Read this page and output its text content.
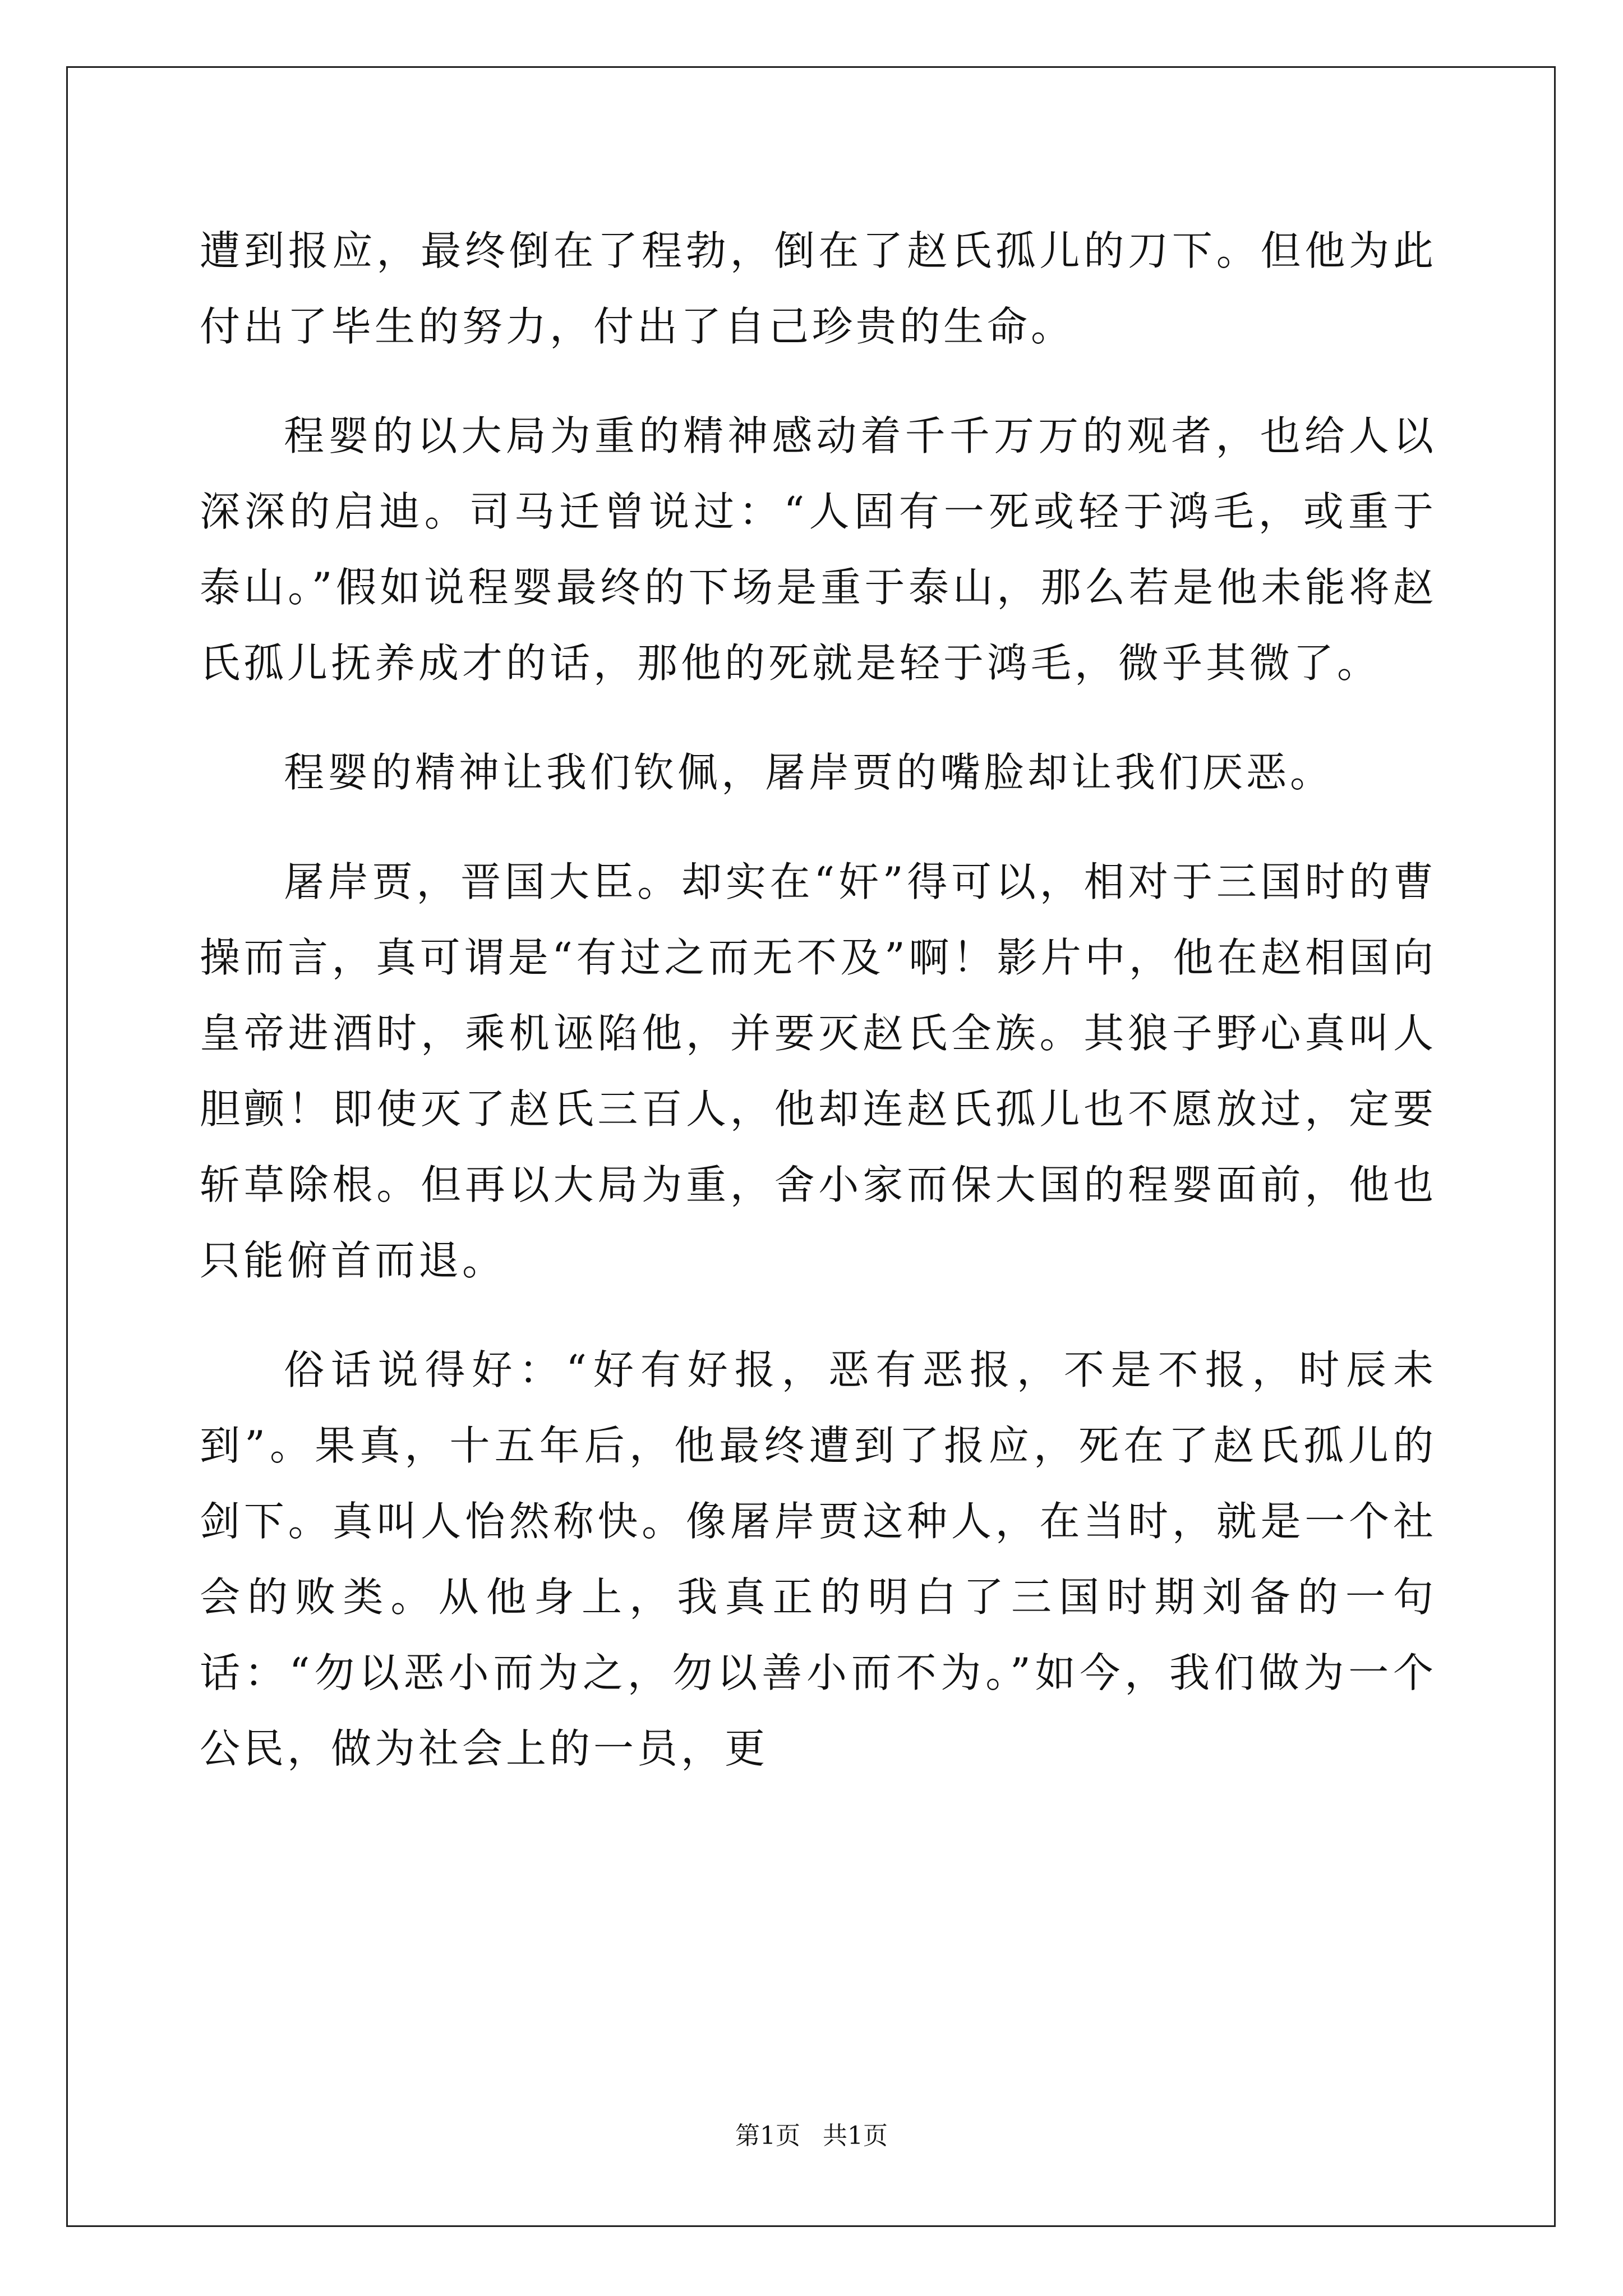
遭到报应，最终倒在了程勃，倒在了赵氏孤儿的刀下。但他为此付出了毕生的努力，付出了自己珍贵的生命。

程婴的以大局为重的精神感动着千千万万的观者，也给人以深深的启迪。司马迁曾说过：“人固有一死或轻于鸿毛，或重于泰山。”假如说程婴最终的下场是重于泰山，那么若是他未能将赵氏孤儿抚养成才的话，那他的死就是轻于鸿毛，微乎其微了。

程婴的精神让我们钦佩，屠岸贾的嘴脸却让我们厌恶。

屠岸贾，晋国大臣。却实在“奸”得可以，相对于三国时的曹操而言，真可谓是“有过之而无不及”啊！影片中，他在赵相国向皇帝进酒时，乘机诬陷他，并要灭赵氏全族。其狼子野心真叫人胆颤！即使灭了赵氏三百人，他却连赵氏孤儿也不愿放过，定要斩草除根。但再以大局为重，舍小家而保大国的程婴面前，他也只能俯首而退。

俗话说得好：“好有好报，恶有恶报，不是不报，时辰未到”。果真，十五年后，他最终遭到了报应，死在了赵氏孤儿的剑下。真叫人怡然称快。像屠岸贾这种人，在当时，就是一个社会的败类。从他身上，我真正的明白了三国时期刘备的一句话：“勿以恶小而为之，勿以善小而不为。”如今，我们做为一个公民，做为社会上的一员，更

第1页 共1页
